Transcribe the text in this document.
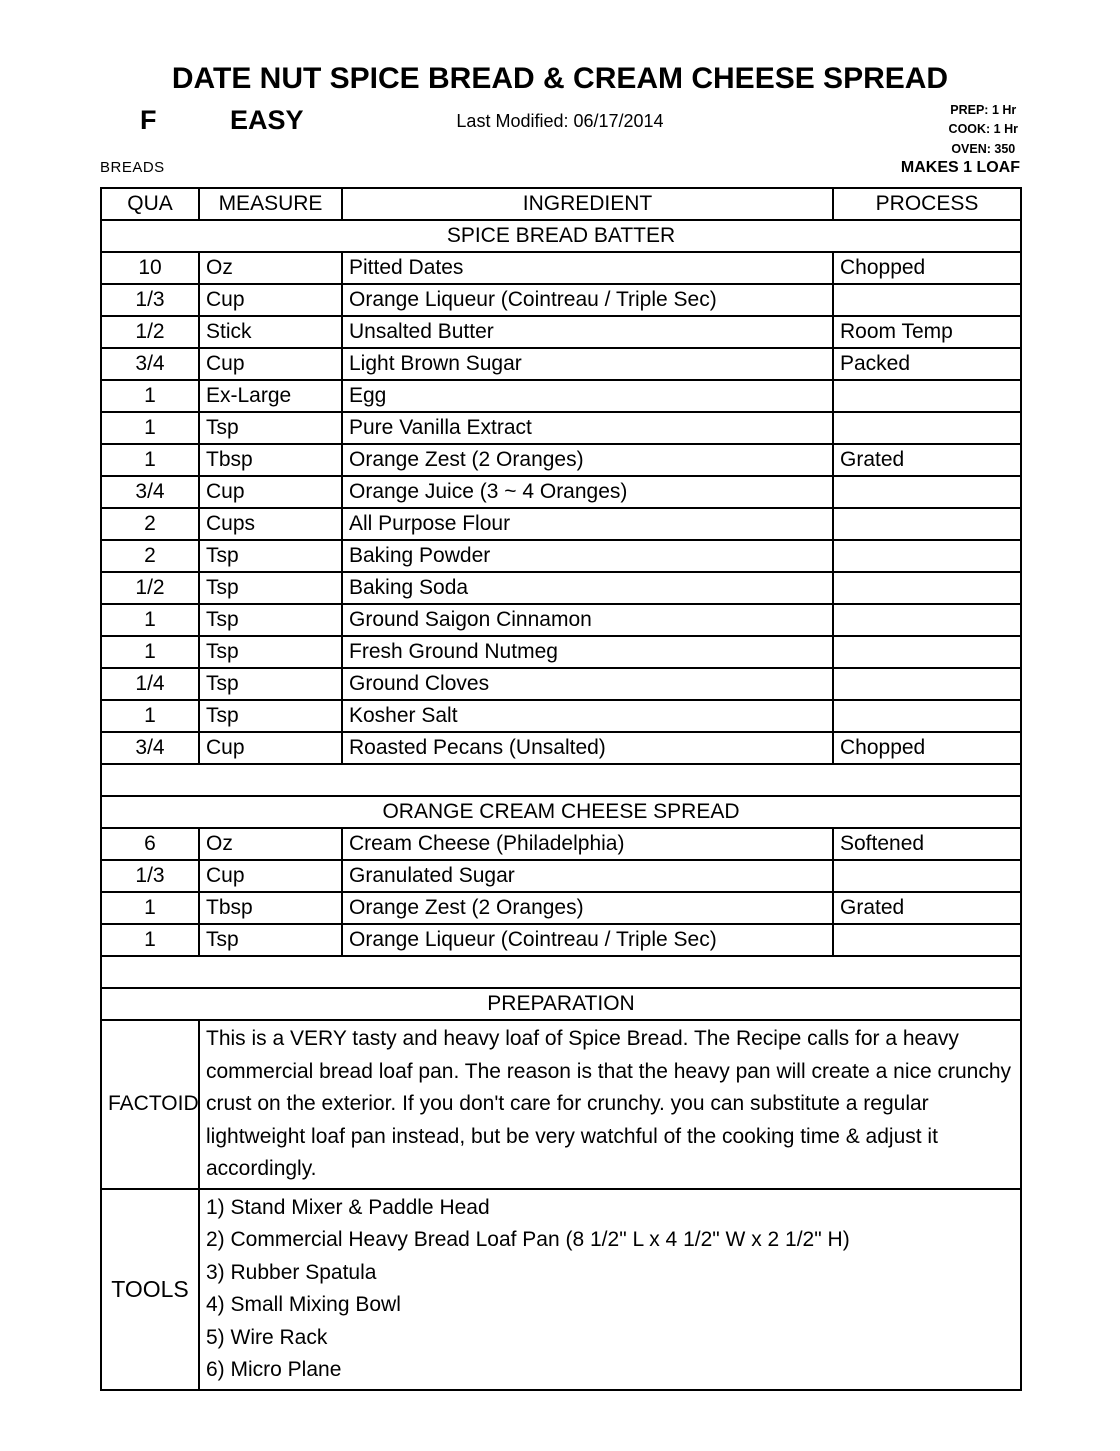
DATE NUT SPICE BREAD & CREAM CHEESE SPREAD
F	EASY	Last Modified: 06/17/2014
PREP: 1 Hr
COOK: 1 Hr
OVEN: 350
BREADS	MAKES 1 LOAF
QUA	MEASURE	INGREDIENT	PROCESS
SPICE BREAD BATTER			
10	Oz	Pitted Dates	Chopped
1/3	Cup	Orange Liqueur (Cointreau / Triple Sec)	
1/2	Stick	Unsalted Butter	Room Temp
3/4	Cup	Light Brown Sugar	Packed
1	Ex-Large	Egg	
1	Tsp	Pure Vanilla Extract	
1	Tbsp	Orange Zest (2 Oranges)	Grated
3/4	Cup	Orange Juice (3 ~ 4 Oranges)	
2	Cups	All Purpose Flour	
2	Tsp	Baking Powder	
1/2	Tsp	Baking Soda	
1	Tsp	Ground Saigon Cinnamon	
1	Tsp	Fresh Ground Nutmeg	
1/4	Tsp	Ground Cloves	
1	Tsp	Kosher Salt	
3/4	Cup	Roasted Pecans (Unsalted)	Chopped

ORANGE CREAM CHEESE SPREAD			
6	Oz	Cream Cheese (Philadelphia)	Softened
1/3	Cup	Granulated Sugar	
1	Tbsp	Orange Zest (2 Oranges)	Grated
1	Tsp	Orange Liqueur (Cointreau / Triple Sec)	

PREPARATION			
FACTOID	This is a VERY tasty and heavy loaf of Spice Bread. The Recipe calls for a heavy commercial bread loaf pan. The reason is that the heavy pan will create a nice crunchy crust on the exterior. If you don't care for crunchy. you can substitute a regular lightweight loaf pan instead, but be very watchful of the cooking time & adjust it accordingly.		
TOOLS	
1) Stand Mixer & Paddle Head
2) Commercial Heavy Bread Loaf Pan (8 1/2" L x 4 1/2" W x 2 1/2" H)
3) Rubber Spatula
4) Small Mixing Bowl
5) Wire Rack
6) Micro Plane
